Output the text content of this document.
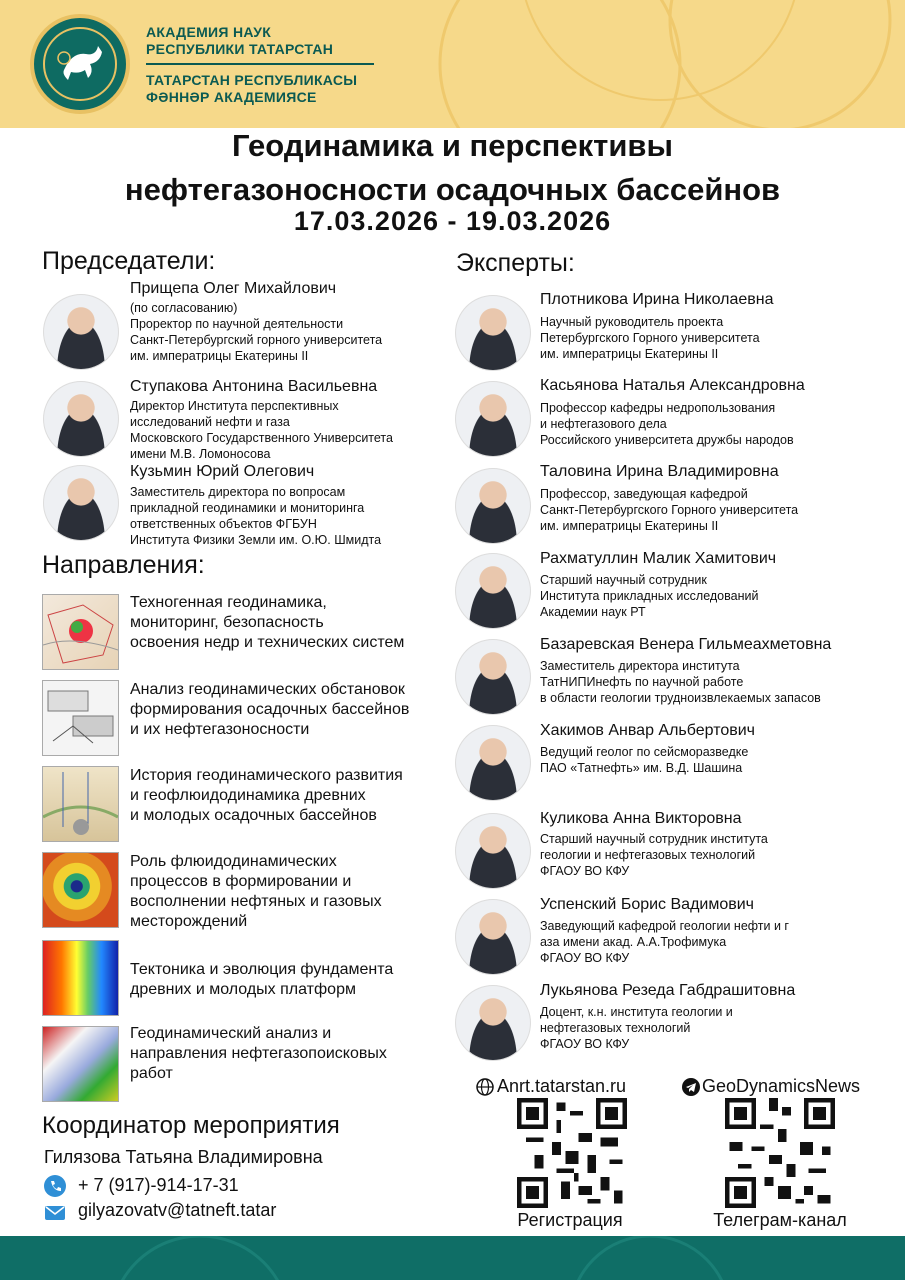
АКАДЕМИЯ НАУК
РЕСПУБЛИКИ ТАТАРСТАН
ТАТАРСТАН РЕСПУБЛИКАСЫ
ФӘННӘР АКАДЕМИЯСЕ
Геодинамика и перспективы
нефтегазоносности осадочных бассейнов
17.03.2026 - 19.03.2026
Председатели:
Прищепа Олег Михайлович
(по согласованию)
Проректор по научной деятельности
Санкт-Петербургский горного университета
им. императрицы Екатерины II
Ступакова Антонина Васильевна
Директор Института перспективных
исследований нефти и газа
Московского Государственного Университета
имени М.В. Ломоносова
Кузьмин Юрий Олегович
Заместитель директора по вопросам
прикладной геодинамики и мониторинга
ответственных объектов ФГБУН
Института Физики Земли им. О.Ю. Шмидта
Направления:
Техногенная геодинамика,
мониторинг, безопасность
освоения недр и технических систем
Анализ геодинамических обстановок
формирования осадочных бассейнов
и их нефтегазоносности
История геодинамического развития
и геофлюидодинамика древних
и молодых осадочных бассейнов
Роль флюидодинамических
процессов в формировании и
восполнении нефтяных и газовых
месторождений
Тектоника и эволюция фундамента
древних и молодых платформ
Геодинамический анализ и
направления нефтегазопоисковых
работ
Эксперты:
Плотникова Ирина Николаевна
Научный руководитель проекта
Петербургского Горного университета
им. императрицы Екатерины II
Касьянова Наталья Александровна
Профессор кафедры недропользования
и нефтегазового дела
Российского университета дружбы народов
Таловина Ирина Владимировна
Профессор, заведующая кафедрой
Санкт-Петербургского Горного университета
им. императрицы Екатерины II
Рахматуллин Малик Хамитович
Старший научный сотрудник
Института прикладных исследований
Академии наук РТ
Базаревская Венера Гильмеахметовна
Заместитель директора института
ТатНИПИнефть по научной работе
в области геологии трудноизвлекаемых запасов
Хакимов Анвар Альбертович
Ведущий геолог по сейсморазведке
ПАО «Татнефть» им. В.Д. Шашина
Куликова Анна Викторовна
Старший научный сотрудник института
геологии и нефтегазовых технологий
ФГАОУ ВО КФУ
Успенский Борис Вадимович
Заведующий кафедрой геологии нефти и г
аза имени акад. А.А.Трофимука
ФГАОУ ВО КФУ
Лукьянова Резеда Габдрашитовна
Доцент, к.н. института геологии и
нефтегазовых технологий
ФГАОУ ВО КФУ
Координатор мероприятия
Гилязова Татьяна Владимировна
+ 7 (917)-914-17-31
gilyazovatv@tatneft.tatar
Anrt.tatarstan.ru	GeoDynamicsNews
Регистрация	Телеграм-канал
